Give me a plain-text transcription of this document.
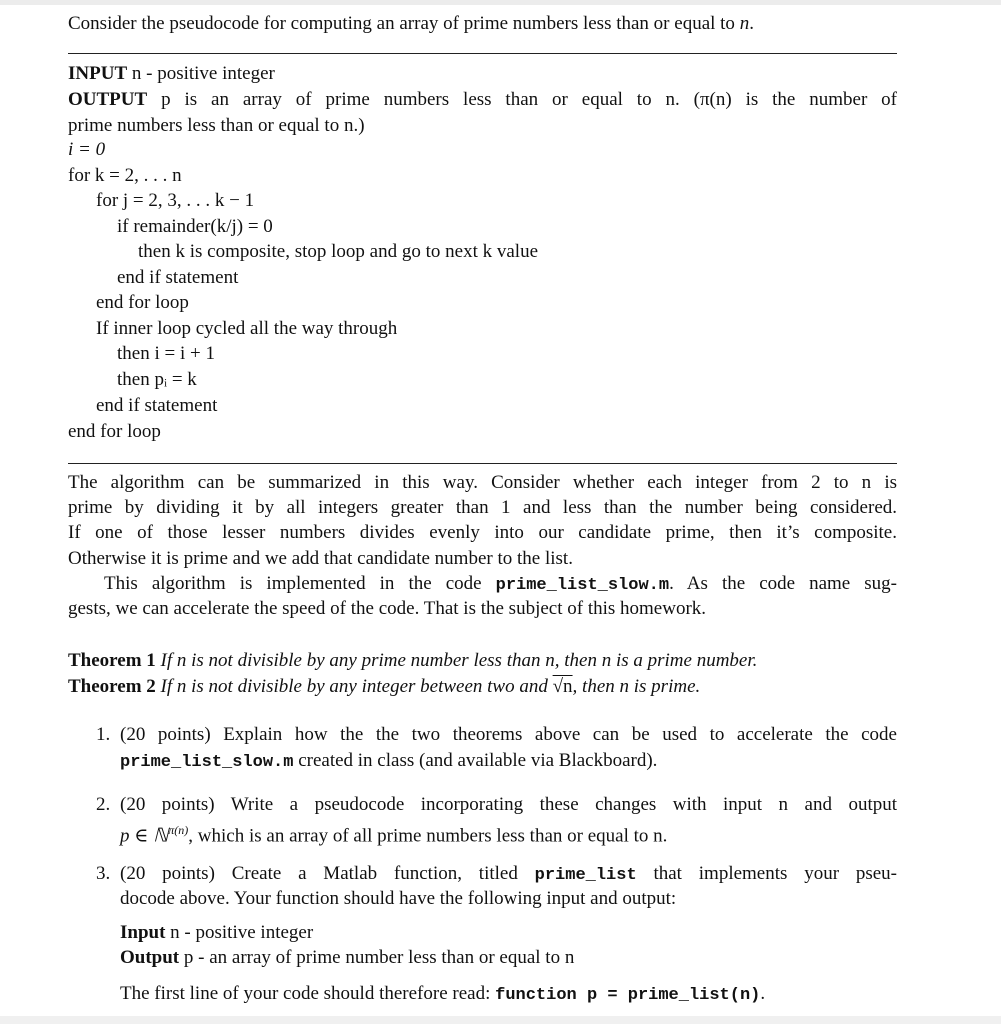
Consider the pseudocode for computing an array of prime numbers less than or equal to n.
INPUT n - positive integer
OUTPUT p is an array of prime numbers less than or equal to n. (π(n) is the number of
prime numbers less than or equal to n.)
i = 0
for k = 2, . . . n
for j = 2, 3, . . . k − 1
if remainder(k/j) = 0
then k is composite, stop loop and go to next k value
end if statement
end for loop
If inner loop cycled all the way through
then i = i + 1
then pᵢ = k
end if statement
end for loop
The algorithm can be summarized in this way. Consider whether each integer from 2 to n is
prime by dividing it by all integers greater than 1 and less than the number being considered.
If one of those lesser numbers divides evenly into our candidate prime, then it’s composite.
Otherwise it is prime and we add that candidate number to the list.
This algorithm is implemented in the code prime_list_slow.m. As the code name sug-
gests, we can accelerate the speed of the code. That is the subject of this homework.
Theorem 1 If n is not divisible by any prime number less than n, then n is a prime number.
Theorem 2 If n is not divisible by any integer between two and √n, then n is prime.
1. (20 points) Explain how the the two theorems above can be used to accelerate the code
prime_list_slow.m created in class (and available via Blackboard).
2. (20 points) Write a pseudocode incorporating these changes with input n and output
p ∈ ℕ$^{\pi(n)}$, which is an array of all prime numbers less than or equal to n.
3. (20 points) Create a Matlab function, titled prime_list that implements your pseu-
docode above. Your function should have the following input and output:
Input n - positive integer
Output p - an array of prime number less than or equal to n
The first line of your code should therefore read: function p = prime_list(n).
